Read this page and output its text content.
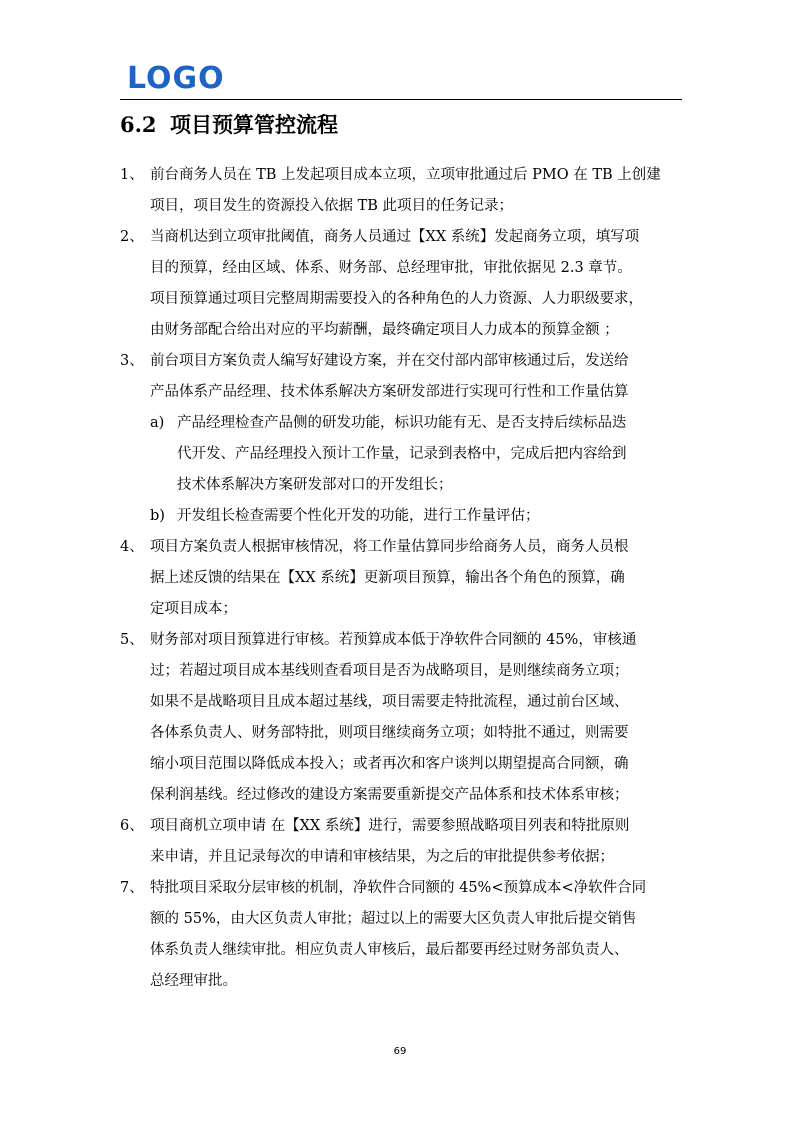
LOGO
6.2 项目预算管控流程
1、 前台商务人员在 TB 上发起项目成本立项，立项审批通过后 PMO 在 TB 上创建
项目，项目发生的资源投入依据 TB 此项目的任务记录；
2、 当商机达到立项审批阈值，商务人员通过【XX 系统】发起商务立项，填写项
目的预算，经由区域、体系、财务部、总经理审批，审批依据见 2.3 章节。
项目预算通过项目完整周期需要投入的各种角色的人力资源、人力职级要求，
由财务部配合给出对应的平均薪酬，最终确定项目人力成本的预算金额 ；
3、 前台项目方案负责人编写好建设方案，并在交付部内部审核通过后，发送给
产品体系产品经理、技术体系解决方案研发部进行实现可行性和工作量估算
a) 产品经理检查产品侧的研发功能，标识功能有无、是否支持后续标品迭
代开发、产品经理投入预计工作量，记录到表格中，完成后把内容给到
技术体系解决方案研发部对口的开发组长；
b) 开发组长检查需要个性化开发的功能，进行工作量评估；
4、 项目方案负责人根据审核情况，将工作量估算同步给商务人员，商务人员根
据上述反馈的结果在【XX 系统】更新项目预算，输出各个角色的预算，确
定项目成本；
5、 财务部对项目预算进行审核。若预算成本低于净软件合同额的 45%，审核通
过；若超过项目成本基线则查看项目是否为战略项目，是则继续商务立项；
如果不是战略项目且成本超过基线，项目需要走特批流程，通过前台区域、
各体系负责人、财务部特批，则项目继续商务立项；如特批不通过，则需要
缩小项目范围以降低成本投入；或者再次和客户谈判以期望提高合同额，确
保利润基线。经过修改的建设方案需要重新提交产品体系和技术体系审核；
6、 项目商机立项申请 在【XX 系统】进行，需要参照战略项目列表和特批原则
来申请，并且记录每次的申请和审核结果，为之后的审批提供参考依据；
7、 特批项目采取分层审核的机制，净软件合同额的 45%<预算成本<净软件合同
额的 55%，由大区负责人审批；超过以上的需要大区负责人审批后提交销售
体系负责人继续审批。相应负责人审核后，最后都要再经过财务部负责人、
总经理审批。
69
